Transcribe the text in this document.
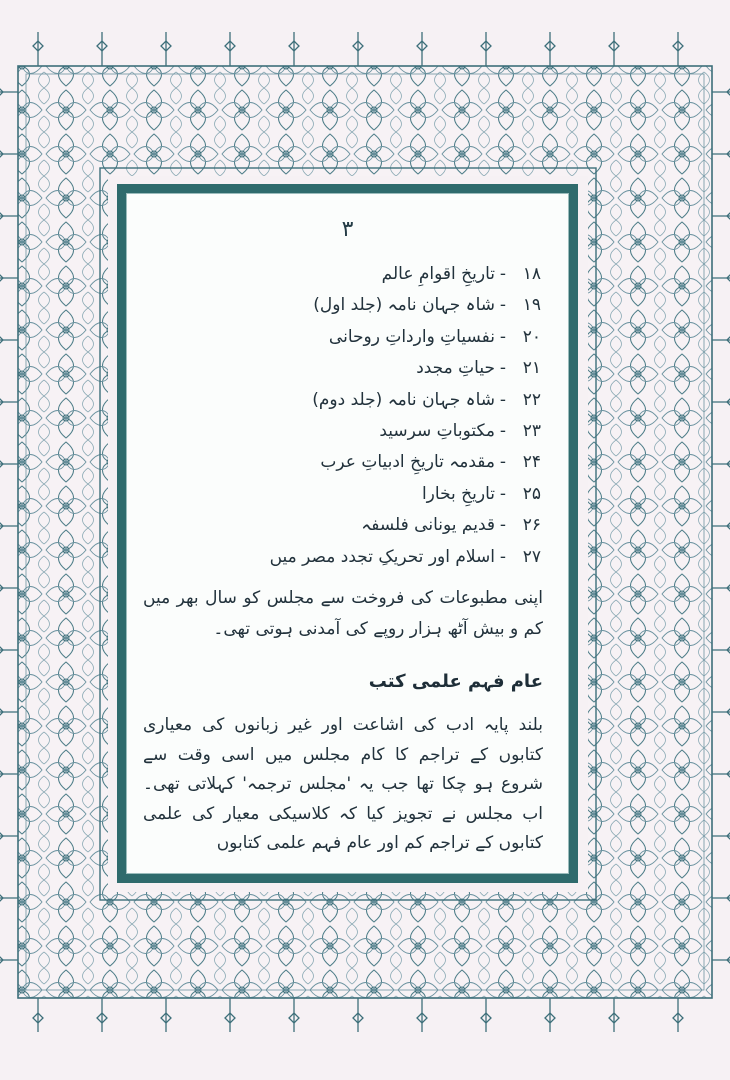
۳
۱۸-تاریخِ اقوامِ عالم
۱۹-شاہ جہان نامہ (جلد اول)
۲۰-نفسیاتِ وارداتِ روحانی
۲۱-حیاتِ مجدد
۲۲-شاہ جہان نامہ (جلد دوم)
۲۳-مکتوباتِ سرسید
۲۴-مقدمہ تاریخِ ادبیاتِ عرب
۲۵-تاریخِ بخارا
۲۶-قدیم یونانی فلسفہ
۲۷-اسلام اور تحریکِ تجدد مصر میں

اپنی مطبوعات کی فروخت سے مجلس کو سال بھر میں کم و بیش آٹھ ہزار روپے کی آمدنی ہوتی تھی۔

عام فہم علمی کتب

بلند پایہ ادب کی اشاعت اور غیر زبانوں کی معیاری کتابوں کے تراجم کا کام مجلس میں اسی وقت سے شروع ہو چکا تھا جب یہ 'مجلس ترجمہ' کہلاتی تھی۔ اب مجلس نے تجویز کیا کہ کلاسیکی معیار کی علمی کتابوں کے تراجم کم اور عام فہم علمی کتابوں
